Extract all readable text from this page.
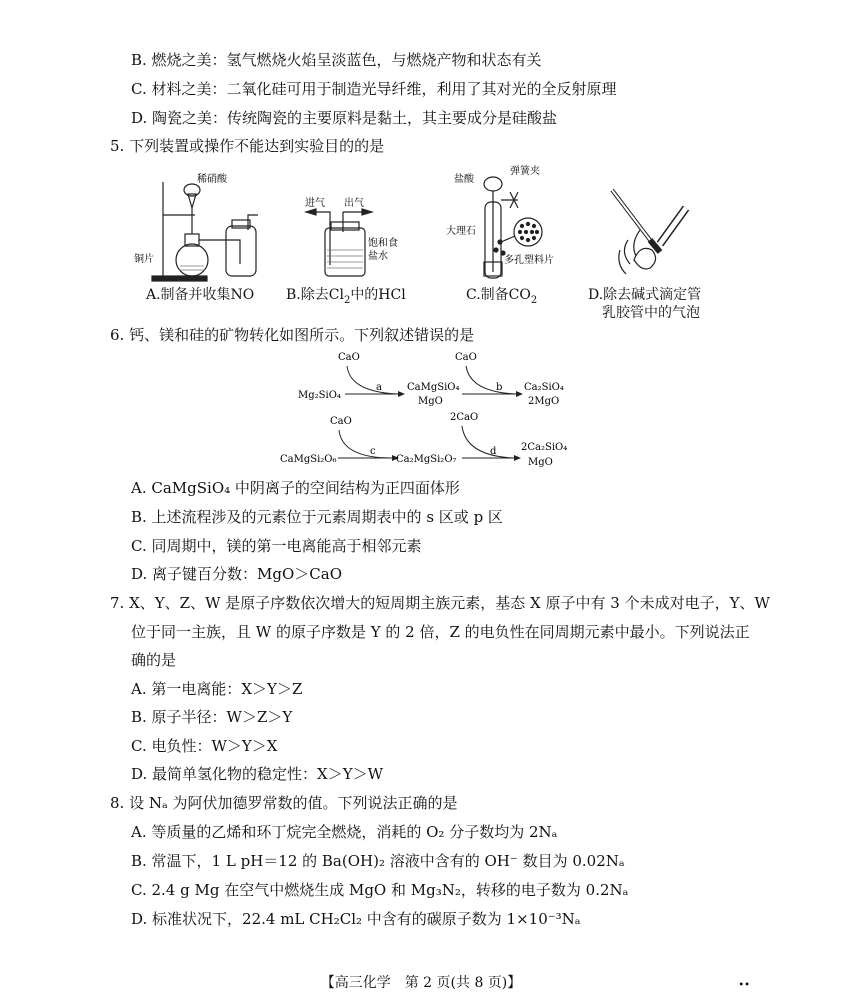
B. 燃烧之美：氢气燃烧火焰呈淡蓝色，与燃烧产物和状态有关
C. 材料之美：二氧化硅可用于制造光导纤维，利用了其对光的全反射原理
D. 陶瓷之美：传统陶瓷的主要原料是黏土，其主要成分是硅酸盐
5. 下列装置或操作不能达到实验目的的是
稀硝酸
铜片
进气 出气
饱和食
盐水
盐酸
弹簧夹
大理石
多孔塑料片
A.制备并收集NO B.除去$Cl_2$中的HCl	C.制备$CO_2$	D.除去碱式滴定管
乳胶管中的气泡
6. 钙、镁和硅的矿物转化如图所示。下列叙述错误的是
CaO	CaO
Mg₂SiO₄
a	b
CaMgSiO₄
MgO
Ca₂SiO₄
2MgO
CaO	2CaO
CaMgSi₂O₆
c
Ca₂MgSi₂O₇
d 2Ca₂SiO₄
MgO
A. CaMgSiO₄ 中阴离子的空间结构为正四面体形
B. 上述流程涉及的元素位于元素周期表中的 s 区或 p 区
C. 同周期中，镁的第一电离能高于相邻元素
D. 离子键百分数：MgO＞CaO
7. X、Y、Z、W 是原子序数依次增大的短周期主族元素，基态 X 原子中有 3 个未成对电子，Y、W
位于同一主族，且 W 的原子序数是 Y 的 2 倍，Z 的电负性在同周期元素中最小。下列说法正
确的是
A. 第一电离能：X＞Y＞Z
B. 原子半径：W＞Z＞Y
C. 电负性：W＞Y＞X
D. 最简单氢化物的稳定性：X＞Y＞W
8. 设 Nₐ 为阿伏加德罗常数的值。下列说法正确的是
A. 等质量的乙烯和环丁烷完全燃烧，消耗的 O₂ 分子数均为 2Nₐ
B. 常温下，1 L pH＝12 的 Ba(OH)₂ 溶液中含有的 OH⁻ 数目为 0.02Nₐ
C. 2.4 g Mg 在空气中燃烧生成 MgO 和 Mg₃N₂，转移的电子数为 0.2Nₐ
D. 标准状况下，22.4 mL CH₂Cl₂ 中含有的碳原子数为 1×10⁻³Nₐ
【高三化学　第 2 页(共 8 页)】	••
